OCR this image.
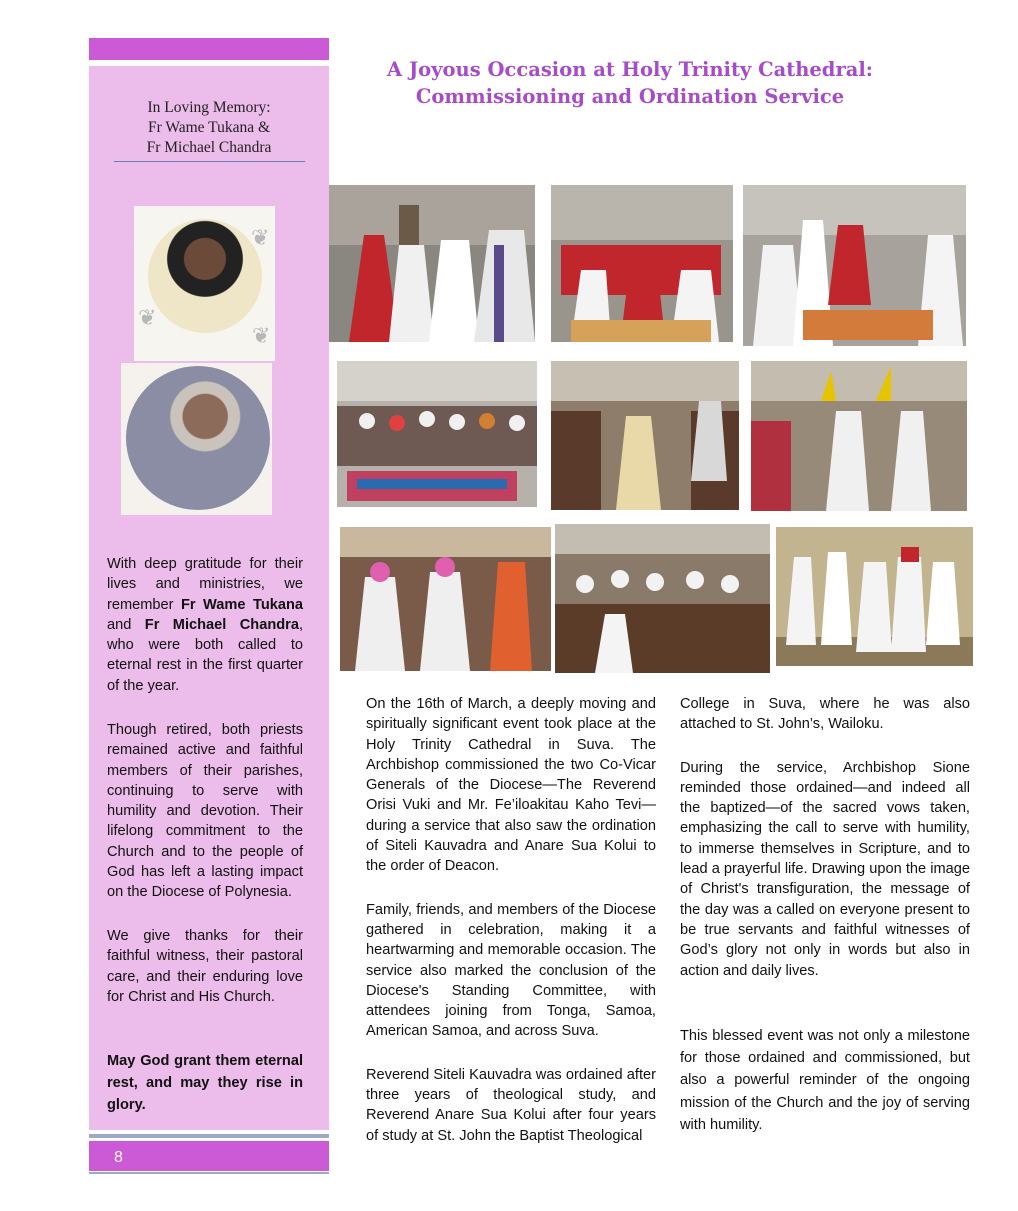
In Loving Memory:
Fr Wame Tukana &
Fr Michael Chandra
❦
❦
❦
With deep gratitude for their lives and ministries, we remember Fr Wame Tukana and Fr Michael Chandra, who were both called to eternal rest in the first quarter of the year.
Though retired, both priests remained active and faithful members of their parishes, continuing to serve with humility and devotion. Their lifelong commitment to the Church and to the people of God has left a lasting impact on the Diocese of Polynesia.
We give thanks for their faithful witness, their pastoral care, and their enduring love for Christ and His Church.
May God grant them eternal rest, and may they rise in glory.
8
A Joyous Occasion at Holy Trinity Cathedral:
Commissioning and Ordination Service

On the 16th of March, a deeply moving and spiritually significant event took place at the Holy Trinity Cathedral in Suva. The Archbishop commissioned the two Co-Vicar Generals of the Diocese—The Reverend Orisi Vuki and Mr. Fe’iloakitau Kaho Tevi—during a service that also saw the ordination of Siteli Kauvadra and Anare Sua Kolui to the order of Deacon.

Family, friends, and members of the Diocese gathered in celebration, making it a heartwarming and memorable occasion. The service also marked the conclusion of the Diocese's Standing Committee, with attendees joining from Tonga, Samoa, American Samoa, and across Suva.

Reverend Siteli Kauvadra was ordained after three years of theological study, and Reverend Anare Sua Kolui after four years of study at St. John the Baptist Theological

College in Suva, where he was also attached to St. John’s, Wailoku.

During the service, Archbishop Sione reminded those ordained—and indeed all the baptized—of the sacred vows taken, emphasizing the call to serve with humility, to immerse themselves in Scripture, and to lead a prayerful life. Drawing upon the image of Christ's transfiguration, the message of the day was a called on everyone present to be true servants and faithful witnesses of God’s glory not only in words but also in action and daily lives.

This blessed event was not only a milestone for those ordained and commissioned, but also a powerful reminder of the ongoing mission of the Church and the joy of serving with humility.
